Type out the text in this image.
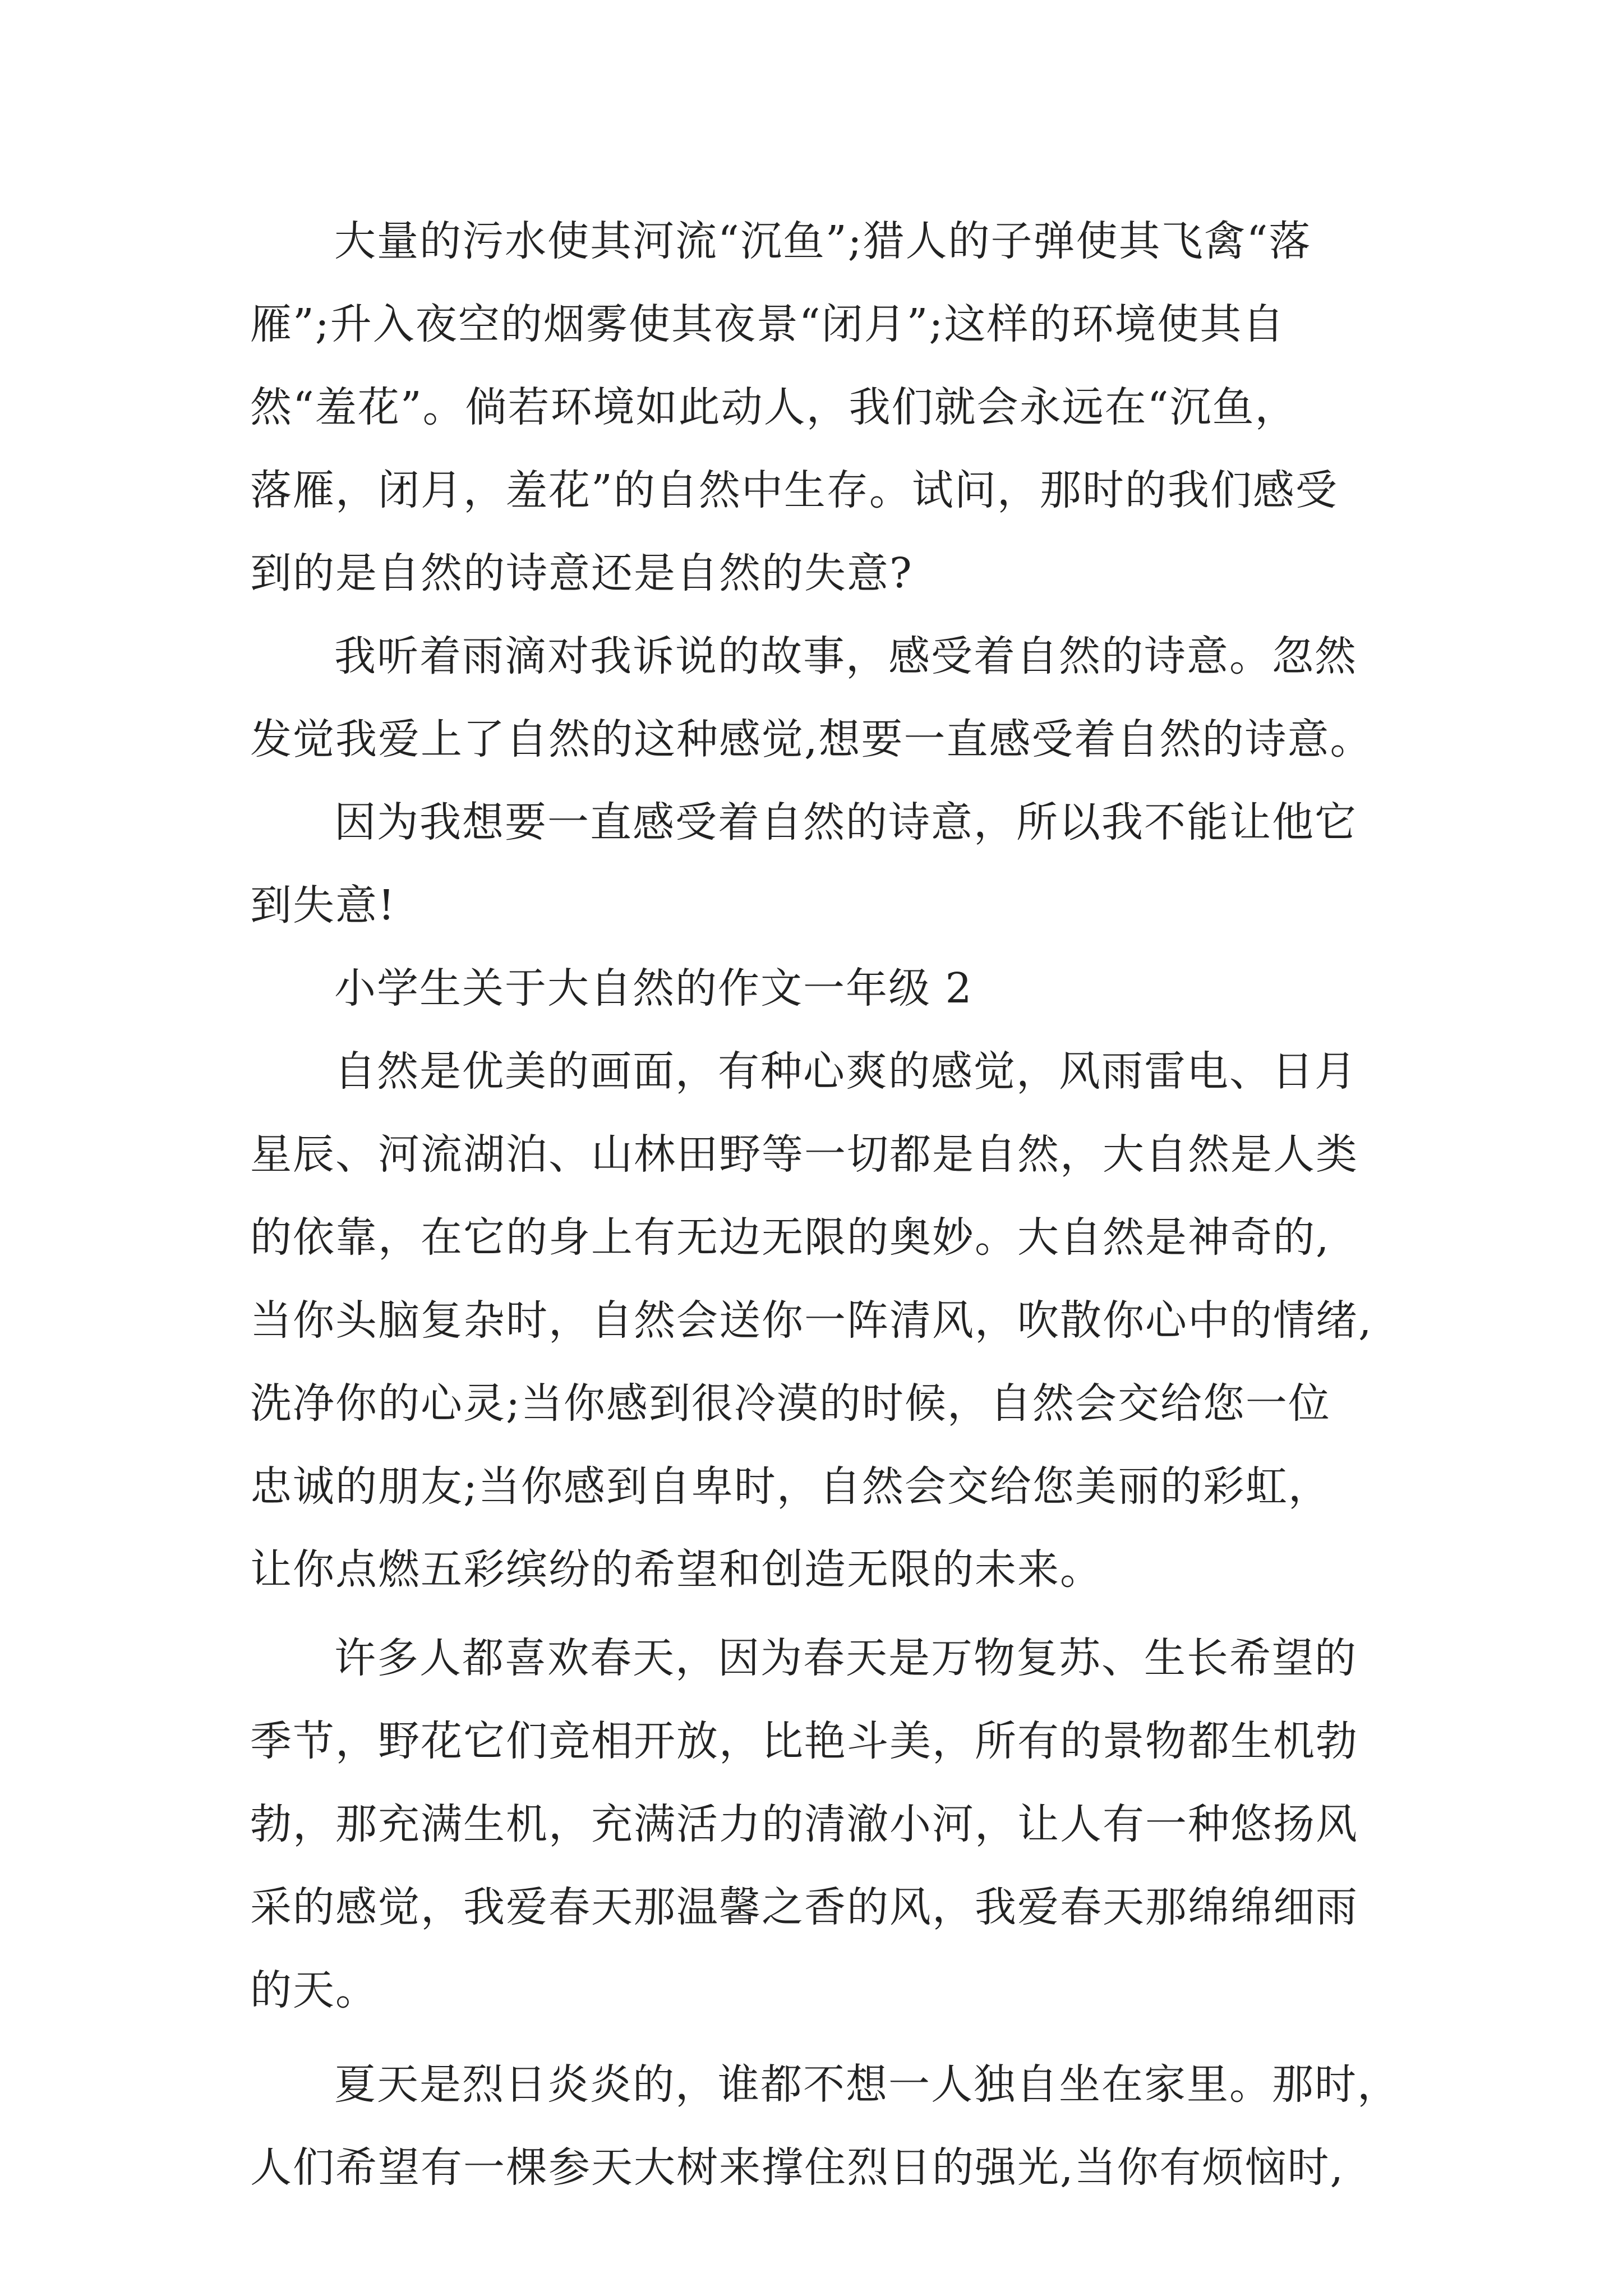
大量的污水使其河流“沉鱼”;猎人的子弹使其飞禽“落
雁”;升入夜空的烟雾使其夜景“闭月”;这样的环境使其自
然“羞花”。倘若环境如此动人，我们就会永远在“沉鱼，
落雁，闭月，羞花”的自然中生存。试问，那时的我们感受
到的是自然的诗意还是自然的失意?
我听着雨滴对我诉说的故事，感受着自然的诗意。忽然
发觉我爱上了自然的这种感觉,想要一直感受着自然的诗意。
因为我想要一直感受着自然的诗意，所以我不能让他它
到失意!
小学生关于大自然的作文一年级 2
自然是优美的画面，有种心爽的感觉，风雨雷电、日月
星辰、河流湖泊、山林田野等一切都是自然，大自然是人类
的依靠，在它的身上有无边无限的奥妙。大自然是神奇的,
当你头脑复杂时，自然会送你一阵清风，吹散你心中的情绪,
洗净你的心灵;当你感到很冷漠的时候，自然会交给您一位
忠诚的朋友;当你感到自卑时，自然会交给您美丽的彩虹，
让你点燃五彩缤纷的希望和创造无限的未来。
许多人都喜欢春天，因为春天是万物复苏、生长希望的
季节，野花它们竞相开放，比艳斗美，所有的景物都生机勃
勃，那充满生机，充满活力的清澈小河，让人有一种悠扬风
采的感觉，我爱春天那温馨之香的风，我爱春天那绵绵细雨
的天。
夏天是烈日炎炎的，谁都不想一人独自坐在家里。那时，
人们希望有一棵参天大树来撑住烈日的强光,当你有烦恼时,
